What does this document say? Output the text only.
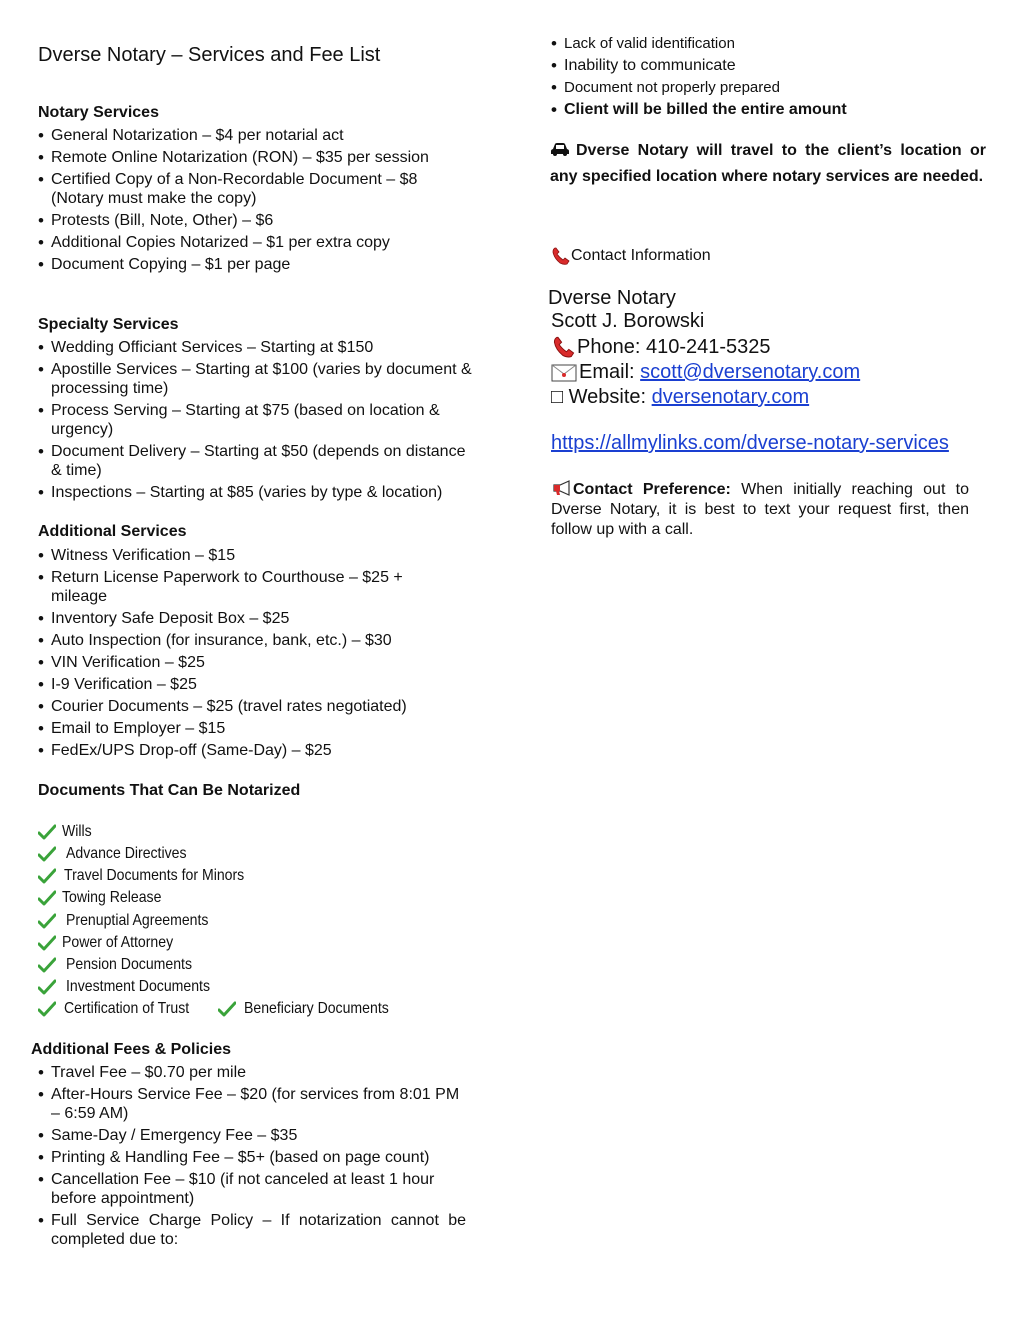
Dverse Notary – Services and Fee List
Notary Services
• General Notarization – $4 per notarial act
• Remote Online Notarization (RON) – $35 per session
• Certified Copy of a Non-Recordable Document – $8 (Notary must make the copy)
• Protests (Bill, Note, Other) – $6
• Additional Copies Notarized – $1 per extra copy
• Document Copying – $1 per page
Specialty Services
• Wedding Officiant Services – Starting at $150
• Apostille Services – Starting at $100 (varies by document & processing time)
• Process Serving – Starting at $75 (based on location & urgency)
• Document Delivery – Starting at $50 (depends on distance & time)
• Inspections – Starting at $85 (varies by type & location)
Additional Services
• Witness Verification – $15
• Return License Paperwork to Courthouse – $25 + mileage
• Inventory Safe Deposit Box – $25
• Auto Inspection (for insurance, bank, etc.) – $30
• VIN Verification – $25
• I-9 Verification – $25
• Courier Documents – $25 (travel rates negotiated)
• Email to Employer – $15
• FedEx/UPS Drop-off (Same-Day) – $25
Documents That Can Be Notarized
Wills
Advance Directives
Travel Documents for Minors
Towing Release
Prenuptial Agreements
Power of Attorney
Pension Documents
Investment Documents
Certification of Trust	Beneficiary Documents
Additional Fees & Policies
• Travel Fee – $0.70 per mile
• After-Hours Service Fee – $20 (for services from 8:01 PM – 6:59 AM)
• Same-Day / Emergency Fee – $35
• Printing & Handling Fee – $5+ (based on page count)
• Cancellation Fee – $10 (if not canceled at least 1 hour before appointment)
• Full Service Charge Policy – If notarization cannot be completed due to:
• Lack of valid identification
• Inability to communicate
• Document not properly prepared
• Client will be billed the entire amount
Dverse Notary will travel to the client’s location or any specified location where notary services are needed.
Contact Information
Dverse Notary
Scott J. Borowski
Phone:
410-241-5325
Email:
scott@dversenotary.com
□ Website: dversenotary.com
https://allmylinks.com/dverse-notary-services
Contact Preference: When initially reaching out to Dverse Notary, it is best to text your request first, then follow up with a call.
